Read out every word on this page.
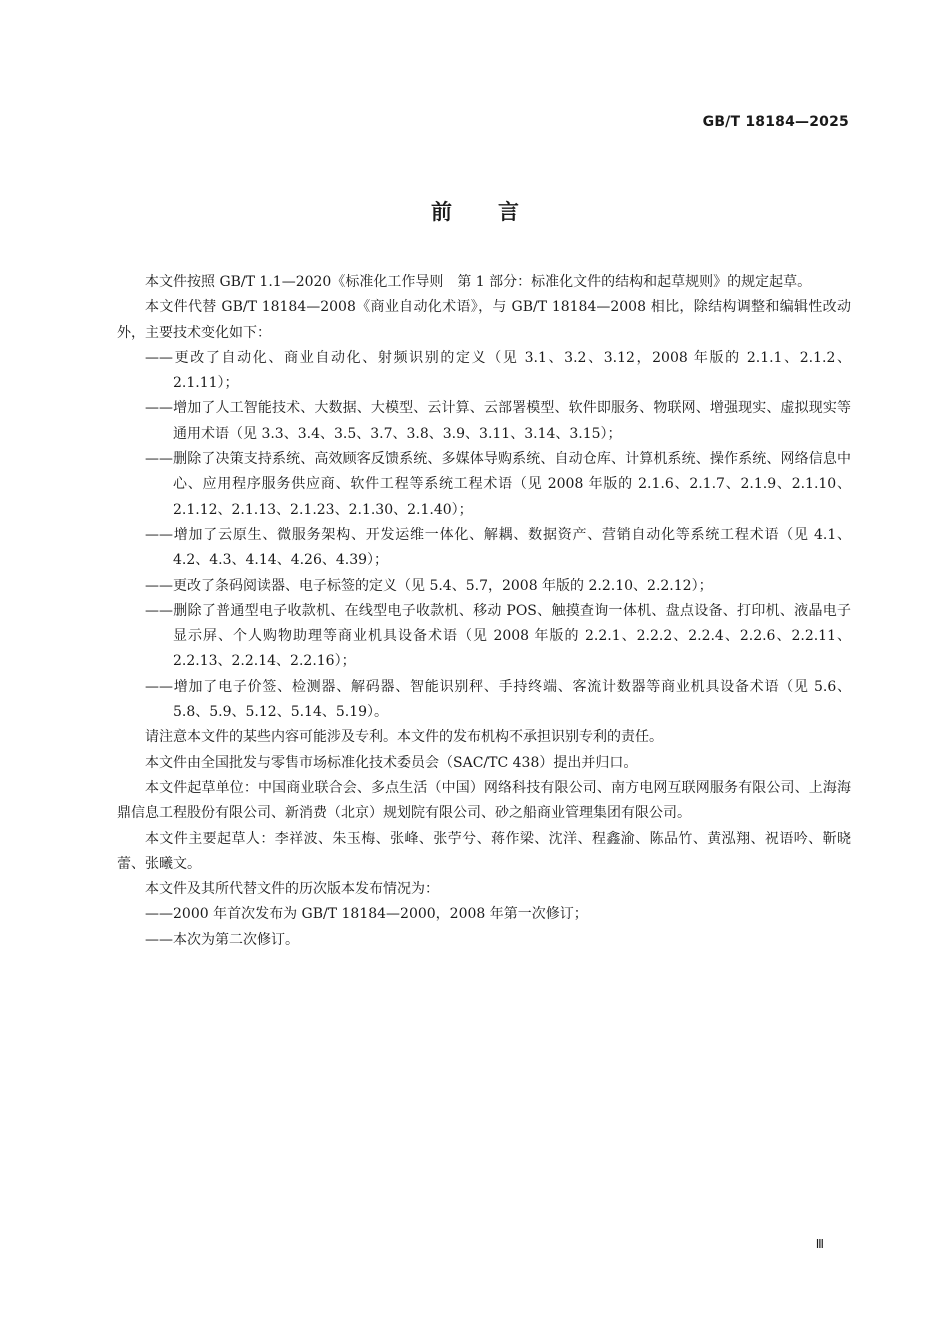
GB/T 18184—2025
前言

本文件按照 GB/T 1.1—2020《标准化工作导则　第 1 部分：标准化文件的结构和起草规则》的规定起草。

本文件代替 GB/T 18184—2008《商业自动化术语》，与 GB/T 18184—2008 相比，除结构调整和编辑性改动外，主要技术变化如下：

——更改了自动化、商业自动化、射频识别的定义（见 3.1、3.2、3.12，2008 年版的 2.1.1、2.1.2、2.1.11）；

——增加了人工智能技术、大数据、大模型、云计算、云部署模型、软件即服务、物联网、增强现实、虚拟现实等通用术语（见 3.3、3.4、3.5、3.7、3.8、3.9、3.11、3.14、3.15）；

——删除了决策支持系统、高效顾客反馈系统、多媒体导购系统、自动仓库、计算机系统、操作系统、网络信息中心、应用程序服务供应商、软件工程等系统工程术语（见 2008 年版的 2.1.6、2.1.7、2.1.9、2.1.10、2.1.12、2.1.13、2.1.23、2.1.30、2.1.40）；

——增加了云原生、微服务架构、开发运维一体化、解耦、数据资产、营销自动化等系统工程术语（见 4.1、4.2、4.3、4.14、4.26、4.39）；

——更改了条码阅读器、电子标签的定义（见 5.4、5.7，2008 年版的 2.2.10、2.2.12）；

——删除了普通型电子收款机、在线型电子收款机、移动 POS、触摸查询一体机、盘点设备、打印机、液晶电子显示屏、个人购物助理等商业机具设备术语（见 2008 年版的 2.2.1、2.2.2、2.2.4、2.2.6、2.2.11、2.2.13、2.2.14、2.2.16）；

——增加了电子价签、检测器、解码器、智能识别秤、手持终端、客流计数器等商业机具设备术语（见 5.6、5.8、5.9、5.12、5.14、5.19）。

请注意本文件的某些内容可能涉及专利。本文件的发布机构不承担识别专利的责任。

本文件由全国批发与零售市场标准化技术委员会（SAC/TC 438）提出并归口。

本文件起草单位：中国商业联合会、多点生活（中国）网络科技有限公司、南方电网互联网服务有限公司、上海海鼎信息工程股份有限公司、新消费（北京）规划院有限公司、砂之船商业管理集团有限公司。

本文件主要起草人：李祥波、朱玉梅、张峰、张苧兮、蒋作梁、沈洋、程鑫渝、陈品竹、黄泓翔、祝语吟、靳晓蕾、张曦文。

本文件及其所代替文件的历次版本发布情况为：

——2000 年首次发布为 GB/T 18184—2000，2008 年第一次修订；

——本次为第二次修订。

Ⅲ
